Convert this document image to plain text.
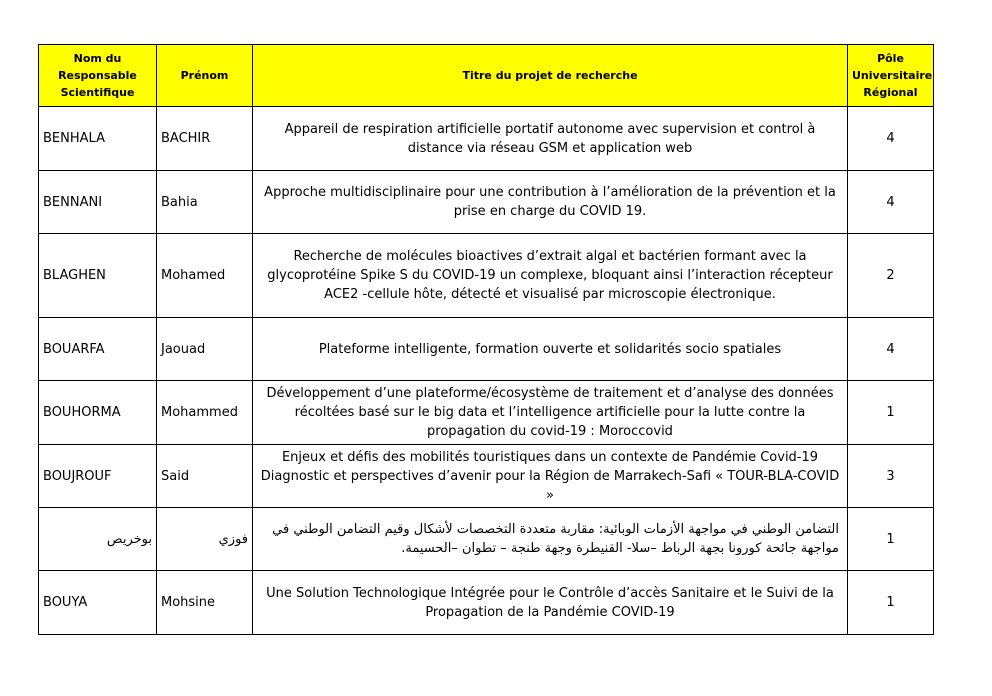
Nom du Responsable Scientifique	Prénom	Titre du projet de recherche	Pôle Universitaire Régional
BENHALA	BACHIR	Appareil de respiration artificielle portatif autonome avec supervision et control à distance via réseau GSM et application web	4
BENNANI	Bahia	Approche multidisciplinaire pour une contribution à l’amélioration de la prévention et la prise en charge du COVID 19.	4
BLAGHEN	Mohamed	Recherche de molécules bioactives d’extrait algal et bactérien formant avec la glycoprotéine Spike S du COVID-19 un complexe, bloquant ainsi l’interaction récepteur ACE2 -cellule hôte, détecté et visualisé par microscopie électronique.	2
BOUARFA	Jaouad	Plateforme intelligente, formation ouverte et solidarités socio spatiales	4
BOUHORMA	Mohammed	Développement d’une plateforme/écosystème de traitement et d’analyse des données récoltées basé sur le big data et l’intelligence artificielle pour la lutte contre la propagation du covid-19 : Moroccovid	1
BOUJROUF	Said	Enjeux et défis des mobilités touristiques dans un contexte de Pandémie Covid-19 Diagnostic et perspectives d’avenir pour la Région de Marrakech-Safi « TOUR-BLA-COVID »	3
بوخريص	فوزي	التضامن الوطني في مواجهة الأزمات الوبائية: مقاربة متعددة التخصصات لأشكال وقيم التضامن الوطني في مواجهة جائحة كورونا بجهة الرباط –سلا- القنيطرة وجهة طنجة – تطوان –الحسيمة.	1
BOUYA	Mohsine	Une Solution Technologique Intégrée pour le Contrôle d’accès Sanitaire et le Suivi de la Propagation de la Pandémie COVID-19	1
